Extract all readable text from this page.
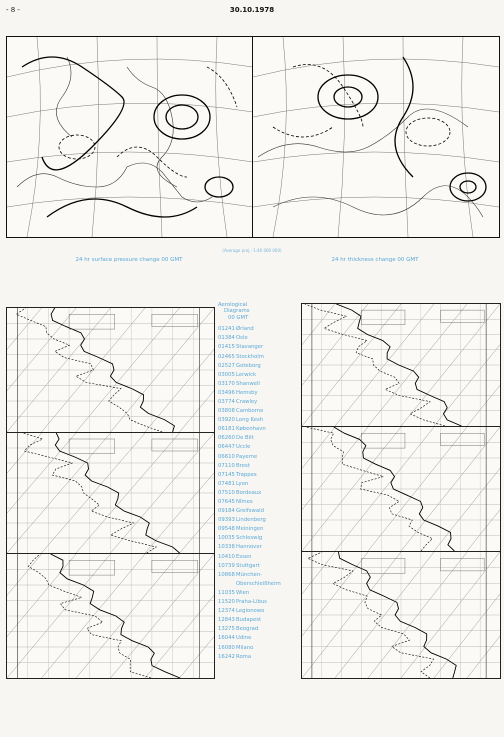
- 8 -	30.10.1978
(Average proj.: 1:40 000 000)
24 hr surface pressure change 00 GMT	24 hr thickness change 00 GMT
Aerological
Diagrams
00 GMT
01241 Ørland
01384 Oslo
01415 Stavanger
02465 Stockholm
02527 Goteborg
03005 Lerwick
03170 Shanwell
03496 Hemsby
03774 Crawley
03808 Camborne
03920 Long Kesh
06181 København
06260 De Bilt
06447 Uccle
06610 Payerne
07110 Brest
07145 Trappes
07481 Lyon
07510 Bordeaux
07645 Nîmes
09184 Greifswald
09393 Lindenberg
09548 Meiningen
10035 Schleswig
10338 Hannover
10410 Essen
10739 Stuttgart
10868 München-
Oberschleißheim
11035 Wien
11520 Praha-Libus
12374 Legionowo
12843 Budapest
13275 Beograd
16044 Udine
16080 Milano
16242 Roma
